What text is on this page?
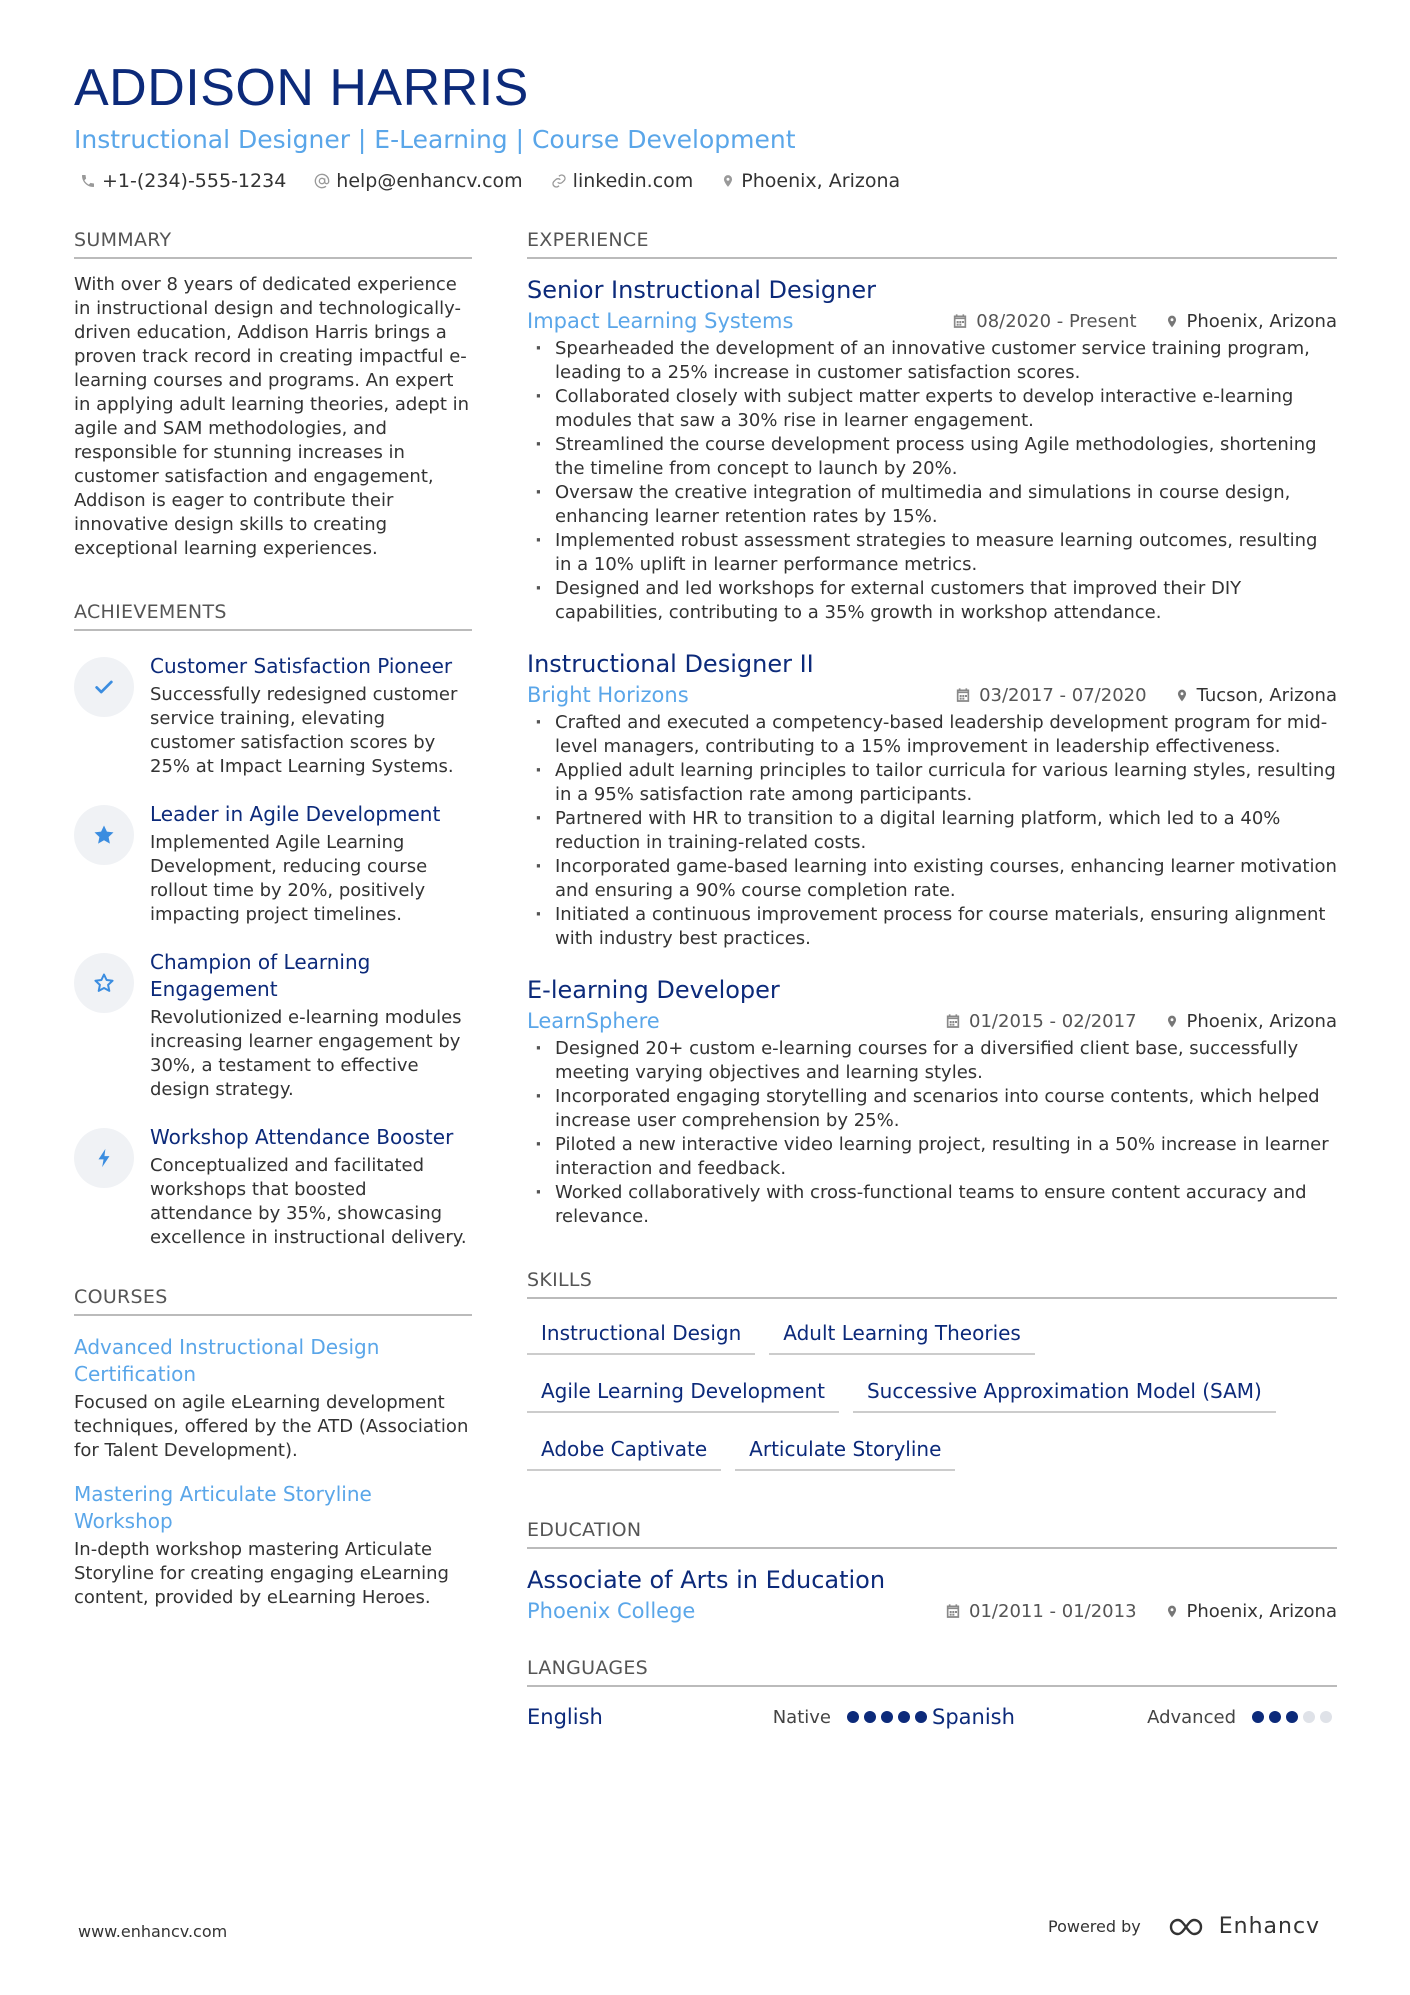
ADDISON HARRIS
Instructional Designer | E-Learning | Course Development
+1-(234)-555-1234	help@enhancv.com	linkedin.com	Phoenix, Arizona
SUMMARY
With over 8 years of dedicated experience in instructional design and technologically-driven education, Addison Harris brings a proven track record in creating impactful e-learning courses and programs. An expert in applying adult learning theories, adept in agile and SAM methodologies, and responsible for stunning increases in customer satisfaction and engagement, Addison is eager to contribute their innovative design skills to creating exceptional learning experiences.
ACHIEVEMENTS
Customer Satisfaction Pioneer
Successfully redesigned customer service training, elevating customer satisfaction scores by 25% at Impact Learning Systems.
Leader in Agile Development
Implemented Agile Learning Development, reducing course rollout time by 20%, positively impacting project timelines.
Champion of Learning Engagement
Revolutionized e-learning modules increasing learner engagement by 30%, a testament to effective design strategy.
Workshop Attendance Booster
Conceptualized and facilitated workshops that boosted attendance by 35%, showcasing excellence in instructional delivery.
COURSES
Advanced Instructional Design Certification
Focused on agile eLearning development techniques, offered by the ATD (Association for Talent Development).
Mastering Articulate Storyline Workshop
In-depth workshop mastering Articulate Storyline for creating engaging eLearning content, provided by eLearning Heroes.
EXPERIENCE
Senior Instructional Designer
Impact Learning Systems	08/2020 - Present	Phoenix, Arizona
· Spearheaded the development of an innovative customer service training program, leading to a 25% increase in customer satisfaction scores.
· Collaborated closely with subject matter experts to develop interactive e-learning modules that saw a 30% rise in learner engagement.
· Streamlined the course development process using Agile methodologies, shortening the timeline from concept to launch by 20%.
· Oversaw the creative integration of multimedia and simulations in course design, enhancing learner retention rates by 15%.
· Implemented robust assessment strategies to measure learning outcomes, resulting in a 10% uplift in learner performance metrics.
· Designed and led workshops for external customers that improved their DIY capabilities, contributing to a 35% growth in workshop attendance.
Instructional Designer II
Bright Horizons	03/2017 - 07/2020	Tucson, Arizona
· Crafted and executed a competency-based leadership development program for mid-level managers, contributing to a 15% improvement in leadership effectiveness.
· Applied adult learning principles to tailor curricula for various learning styles, resulting in a 95% satisfaction rate among participants.
· Partnered with HR to transition to a digital learning platform, which led to a 40% reduction in training-related costs.
· Incorporated game-based learning into existing courses, enhancing learner motivation and ensuring a 90% course completion rate.
· Initiated a continuous improvement process for course materials, ensuring alignment with industry best practices.
E-learning Developer
LearnSphere	01/2015 - 02/2017	Phoenix, Arizona
· Designed 20+ custom e-learning courses for a diversified client base, successfully meeting varying objectives and learning styles.
· Incorporated engaging storytelling and scenarios into course contents, which helped increase user comprehension by 25%.
· Piloted a new interactive video learning project, resulting in a 50% increase in learner interaction and feedback.
· Worked collaboratively with cross-functional teams to ensure content accuracy and relevance.
SKILLS
Instructional Design	Adult Learning Theories
Agile Learning Development	Successive Approximation Model (SAM)
Adobe Captivate	Articulate Storyline
EDUCATION
Associate of Arts in Education
Phoenix College	01/2011 - 01/2013	Phoenix, Arizona
LANGUAGES
English	Native	Spanish	Advanced
www.enhancv.com	Powered by	Enhancv
